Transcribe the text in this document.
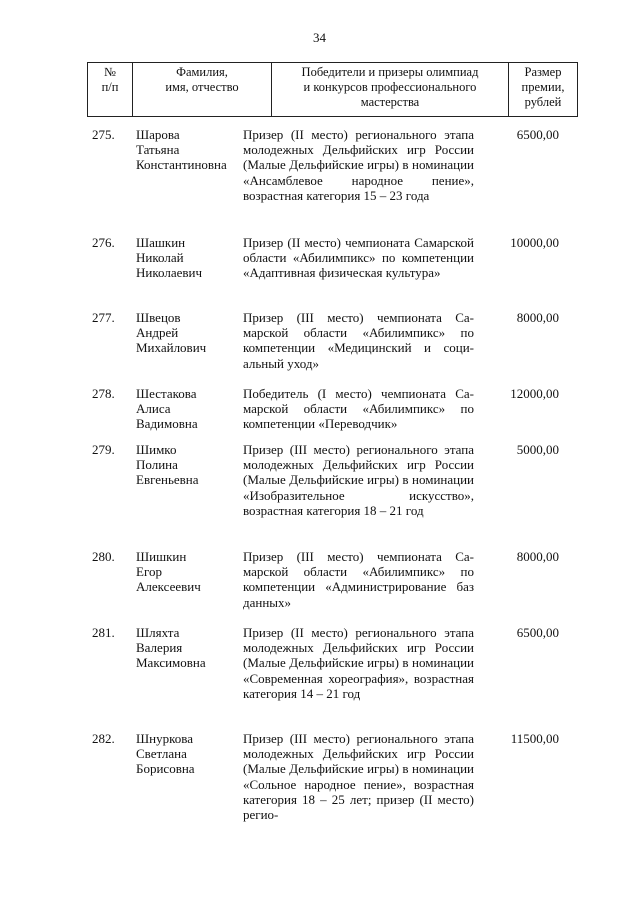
34
№
п/п

Фамилия,
имя, отчество

Победители и призеры олимпиад
и конкурсов профессионального
мастерства

Размер
премии,
рублей
275.	Шарова
Татьяна
Константиновна
Призер (II место) регионального этапа молодежных Дельфийских игр России (Малые Дельфийские игры) в номинации «Ансамблевое народное пение», возрастная категория 15 – 23 года
6500,00
276.	Шашкин
Николай
Николаевич
Призер (II место) чемпионата Самарской области «Абилимпикс» по компетенции «Адаптивная физическая культура»
10000,00
277.	Швецов
Андрей
Михайлович
Призер (III место) чемпионата Самарской области «Абилимпикс» по компетенции «Медицинский и социальный уход»
8000,00
278.	Шестакова
Алиса
Вадимовна
Победитель (I место) чемпионата Самарской области «Абилимпикс» по компетенции «Переводчик»
12000,00
279.	Шимко
Полина
Евгеньевна
Призер (III место) регионального этапа молодежных Дельфийских игр России (Малые Дельфийские игры) в номинации «Изобразительное искусство», возрастная категория 18 – 21 год
5000,00
280.	Шишкин
Егор
Алексеевич
Призер (III место) чемпионата Самарской области «Абилимпикс» по компетенции «Администрирование баз данных»
8000,00
281.	Шляхта
Валерия
Максимовна
Призер (II место) регионального этапа молодежных Дельфийских игр России (Малые Дельфийские игры) в номинации «Современная хореография», возрастная категория 14 – 21 год
6500,00
282.	Шнуркова
Светлана
Борисовна
Призер (III место) регионального этапа молодежных Дельфийских игр России (Малые Дельфийские игры) в номинации «Сольное народное пение», возрастная категория 18 – 25 лет; призер (II место) регио-
11500,00
